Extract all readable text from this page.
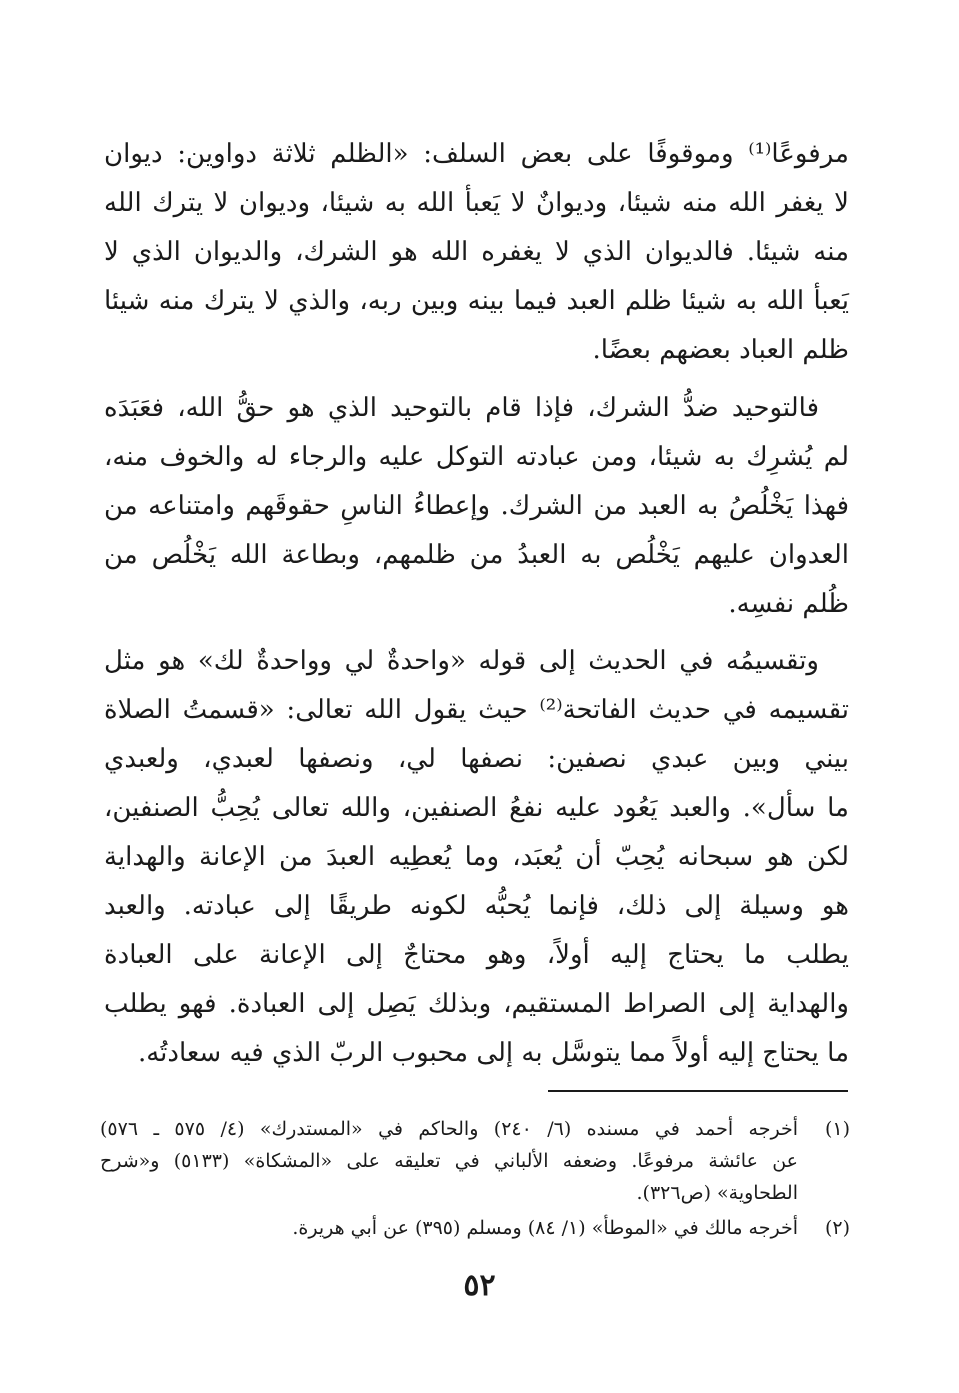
مرفوعًا⁽¹⁾ وموقوفًا على بعض السلف: «الظلم ثلاثة دواوين: ديوان
لا يغفر الله منه شيئا، وديوانٌ لا يَعبأ الله به شيئا، وديوان لا يترك الله
منه شيئا. فالديوان الذي لا يغفره الله هو الشرك، والديوان الذي لا
يَعبأ الله به شيئا ظلم العبد فيما بينه وبين ربه، والذي لا يترك منه شيئا
ظلم العباد بعضهم بعضًا.

فالتوحيد ضدُّ الشرك، فإذا قام بالتوحيد الذي هو حقُّ الله، فعَبَدَه
لم يُشرِك به شيئا، ومن عبادته التوكل عليه والرجاء له والخوف منه،
فهذا يَخْلُصُ به العبد من الشرك. وإعطاءُ الناسِ حقوقَهم وامتناعه من
العدوان عليهم يَخْلُص به العبدُ من ظلمهم، وبطاعة الله يَخْلُص من
ظُلم نفسِه.

وتقسيمُه في الحديث إلى قوله «واحدةٌ لي وواحدةٌ لك» هو مثل
تقسيمه في حديث الفاتحة⁽²⁾ حيث يقول الله تعالى: «قسمتُ الصلاة
بيني وبين عبدي نصفين: نصفها لي، ونصفها لعبدي، ولعبدي
ما سأل». والعبد يَعُود عليه نفعُ الصنفين، والله تعالى يُحِبُّ الصنفين،
لكن هو سبحانه يُحِبّ أن يُعبَد، وما يُعطِيه العبدَ من الإعانة والهداية
هو وسيلة إلى ذلك، فإنما يُحبُّه لكونه طريقًا إلى عبادته. والعبد
يطلب ما يحتاج إليه أولاً، وهو محتاجٌ إلى الإعانة على العبادة
والهداية إلى الصراط المستقيم، وبذلك يَصِل إلى العبادة. فهو يطلب
ما يحتاج إليه أولاً مما يتوسَّل به إلى محبوب الربّ الذي فيه سعادتُه.

(١)
أخرجه أحمد في مسنده (٦/ ٢٤٠) والحاكم في «المستدرك» (٤/ ٥٧٥ ـ ٥٧٦)
عن عائشة مرفوعًا. وضعفه الألباني في تعليقه على «المشكاة» (٥١٣٣) و«شرح
الطحاوية» (ص٣٢٦).
(٢)
أخرجه مالك في «الموطأ» (١/ ٨٤) ومسلم (٣٩٥) عن أبي هريرة.
٥٢
